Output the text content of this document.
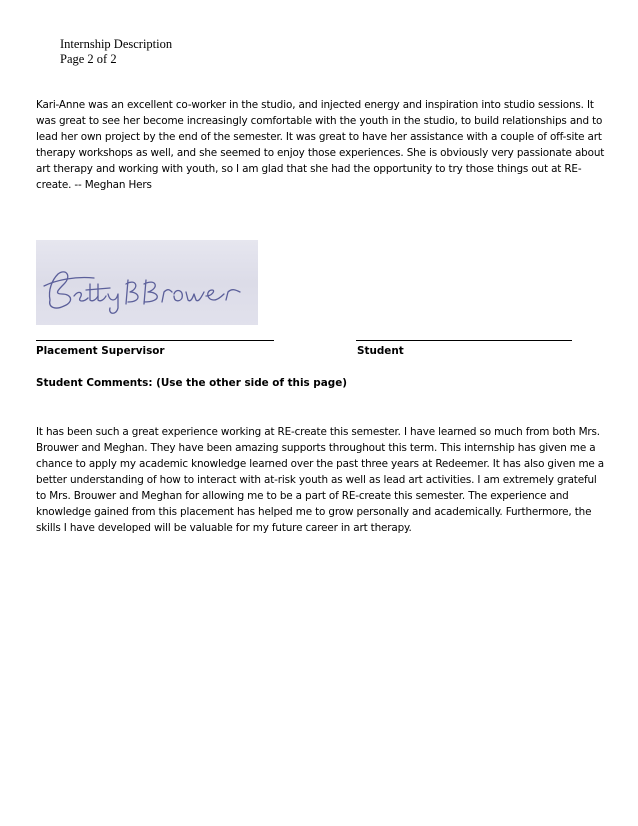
Internship Description
Page 2 of 2
Kari-Anne was an excellent co-worker in the studio, and injected energy and inspiration into studio sessions. It was great to see her become increasingly comfortable with the youth in the studio, to build relationships and to lead her own project by the end of the semester. It was great to have her assistance with a couple of off-site art therapy workshops as well, and she seemed to enjoy those experiences. She is obviously very passionate about art therapy and working with youth, so I am glad that she had the opportunity to try those things out at RE-create. -- Meghan Hers
Placement Supervisor	Student
Student Comments: (Use the other side of this page)
It has been such a great experience working at RE-create this semester. I have learned so much from both Mrs. Brouwer and Meghan. They have been amazing supports throughout this term. This internship has given me a chance to apply my academic knowledge learned over the past three years at Redeemer. It has also given me a better understanding of how to interact with at-risk youth as well as lead art activities. I am extremely grateful to Mrs. Brouwer and Meghan for allowing me to be a part of RE-create this semester. The experience and knowledge gained from this placement has helped me to grow personally and academically. Furthermore, the skills I have developed will be valuable for my future career in art therapy.
